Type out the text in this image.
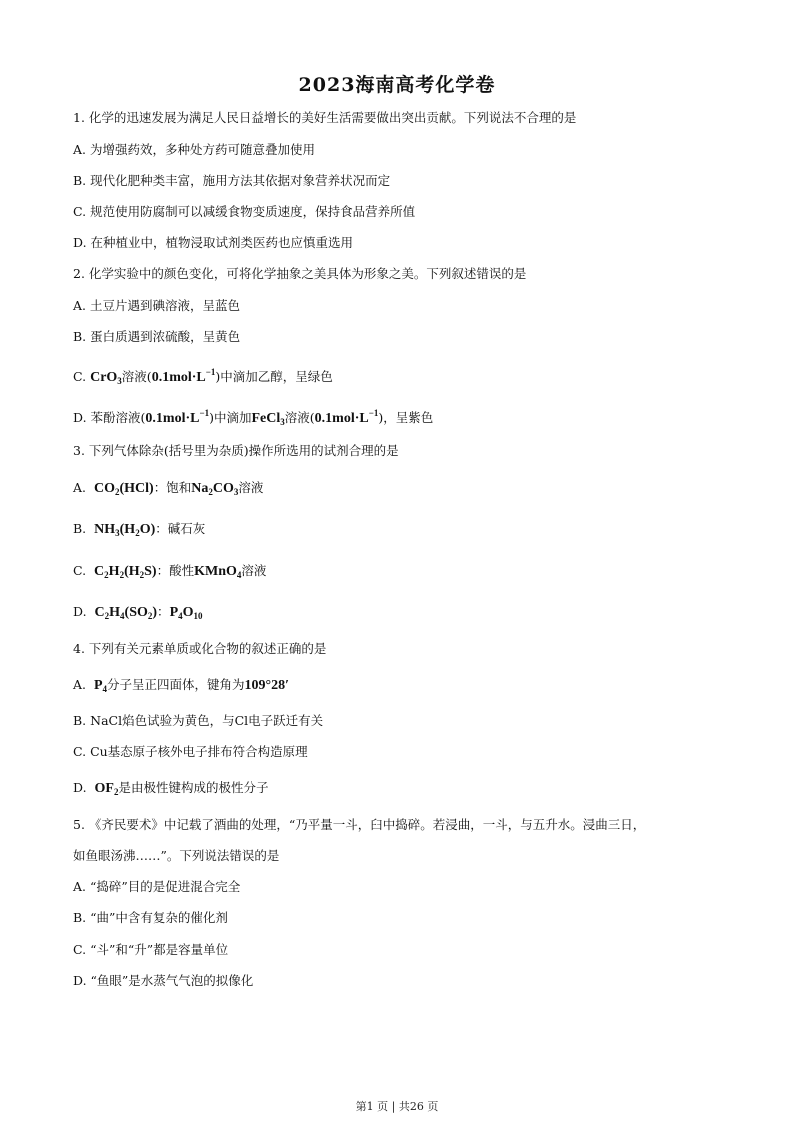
2023海南高考化学卷
1. 化学的迅速发展为满足人民日益增长的美好生活需要做出突出贡献。下列说法不合理的是
A. 为增强药效，多种处方药可随意叠加使用
B. 现代化肥种类丰富，施用方法其依据对象营养状况而定
C. 规范使用防腐制可以减缓食物变质速度，保持食品营养所值
D. 在种植业中，植物浸取试剂类医药也应慎重选用
2. 化学实验中的颜色变化，可将化学抽象之美具体为形象之美。下列叙述错误的是
A. 土豆片遇到碘溶液，呈蓝色
B. 蛋白质遇到浓硫酸，呈黄色
C. CrO$_3$溶液$(0.1mol\cdot L^{-1})$中滴加乙醇，呈绿色
D. 苯酚溶液$(0.1mol\cdot L^{-1})$中滴加FeCl$_3$溶液$(0.1mol\cdot L^{-1})$，呈紫色
3. 下列气体除杂(括号里为杂质)操作所选用的试剂合理的是
A. $CO_2(HCl)$：饱和$Na_2CO_3$溶液
B. $NH_3(H_2O)$：碱石灰
C. $C_2H_2(H_2S)$：酸性KMnO$_4$溶液
D. $C_2H_4(SO_2)$：$P_4O_{10}$
4. 下列有关元素单质或化合物的叙述正确的是
A. $P_4$分子呈正四面体，键角为109°28′
B. NaCl焰色试验为黄色，与Cl电子跃迁有关
C. Cu基态原子核外电子排布符合构造原理
D. $OF_2$是由极性键构成的极性分子
5. 《齐民要术》中记载了酒曲的处理，“乃平量一斗，臼中捣碎。若浸曲，一斗，与五升水。浸曲三日，
如鱼眼汤沸……”。下列说法错误的是
A. “捣碎”目的是促进混合完全
B. “曲”中含有复杂的催化剂
C. “斗”和“升”都是容量单位
D. “鱼眼”是水蒸气气泡的拟像化
第1 页 | 共26 页
